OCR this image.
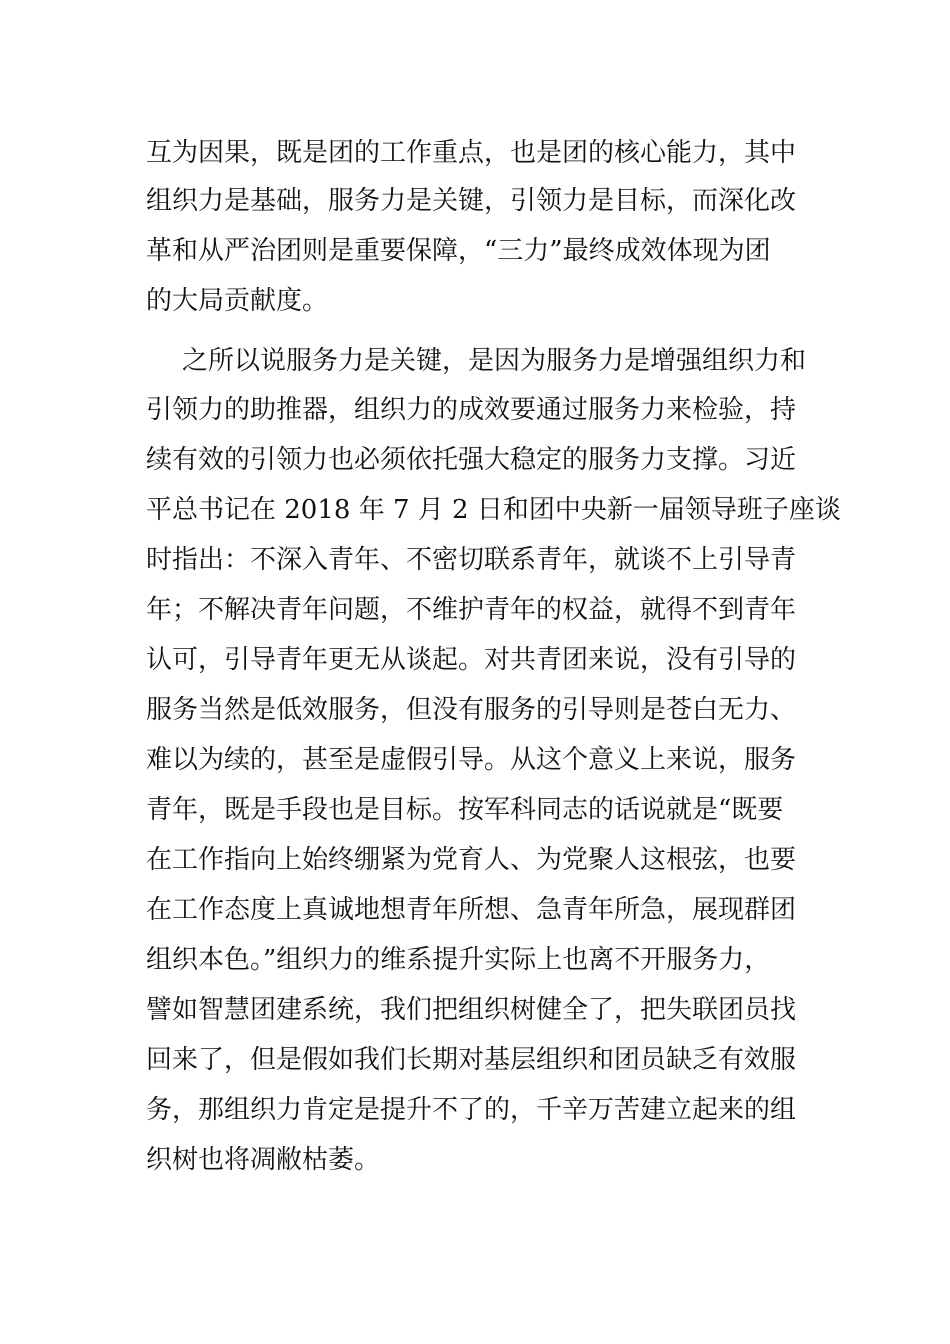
互为因果，既是团的工作重点，也是团的核心能力，其中
组织力是基础，服务力是关键，引领力是目标，而深化改
革和从严治团则是重要保障，“三力”最终成效体现为团
的大局贡献度。
之所以说服务力是关键，是因为服务力是增强组织力和
引领力的助推器，组织力的成效要通过服务力来检验，持
续有效的引领力也必须依托强大稳定的服务力支撑。习近
平总书记在 2018 年 7 月 2 日和团中央新一届领导班子座谈
时指出：不深入青年、不密切联系青年，就谈不上引导青
年；不解决青年问题，不维护青年的权益，就得不到青年
认可，引导青年更无从谈起。对共青团来说，没有引导的
服务当然是低效服务，但没有服务的引导则是苍白无力、
难以为续的，甚至是虚假引导。从这个意义上来说，服务
青年，既是手段也是目标。按军科同志的话说就是“既要
在工作指向上始终绷紧为党育人、为党聚人这根弦，也要
在工作态度上真诚地想青年所想、急青年所急，展现群团
组织本色。”组织力的维系提升实际上也离不开服务力，
譬如智慧团建系统，我们把组织树健全了，把失联团员找
回来了，但是假如我们长期对基层组织和团员缺乏有效服
务，那组织力肯定是提升不了的，千辛万苦建立起来的组
织树也将凋敝枯萎。
